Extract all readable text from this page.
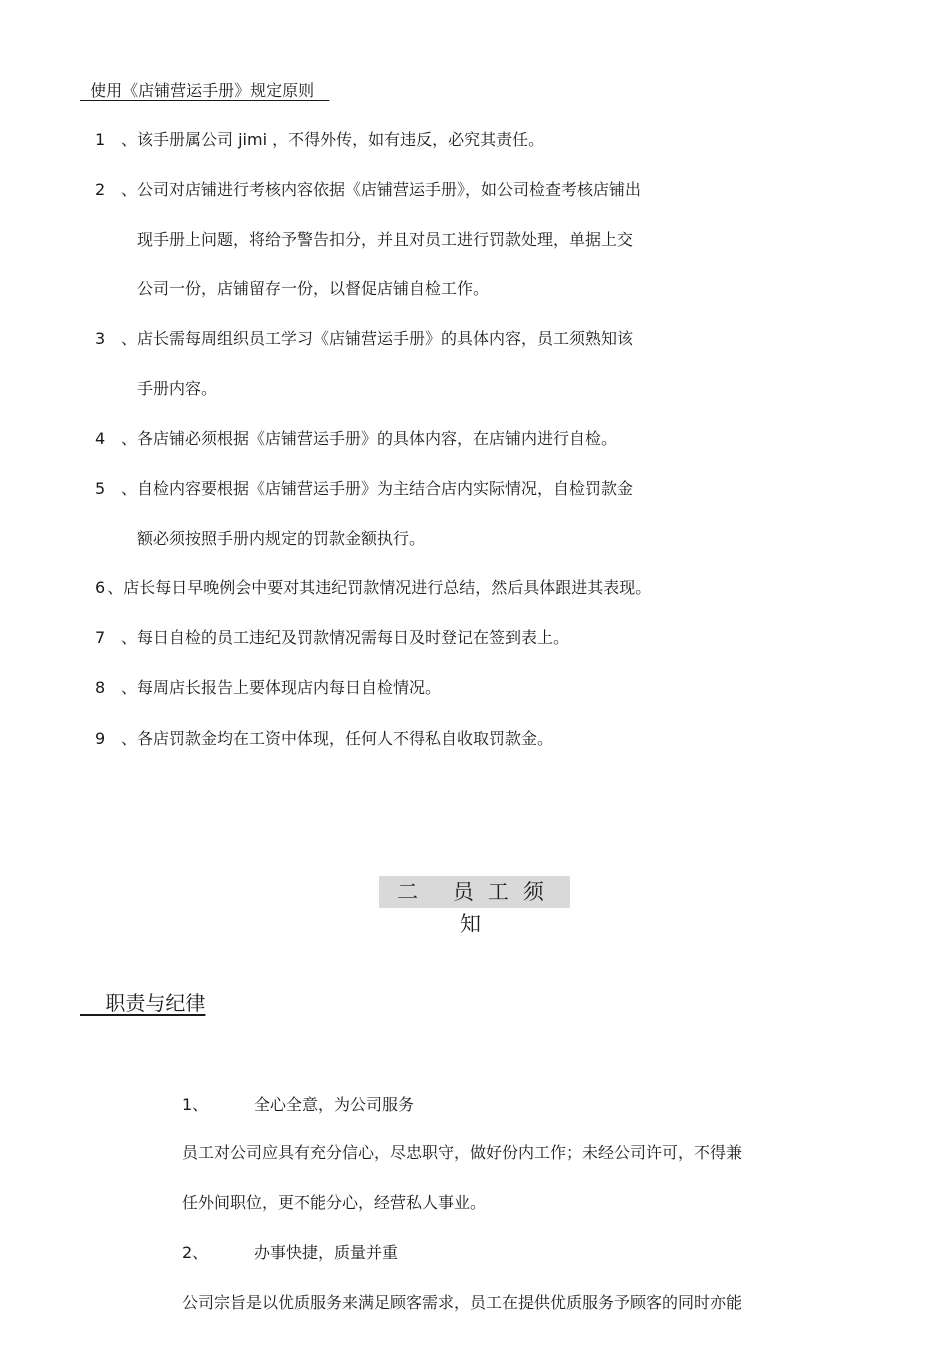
使用《店铺营运手册》规定原则
1 、该手册属公司 jimi ，不得外传，如有违反，必究其责任。
2 、公司对店铺进行考核内容依据《店铺营运手册》，如公司检查考核店铺出
现手册上问题，将给予警告扣分，并且对员工进行罚款处理，单据上交
公司一份，店铺留存一份，以督促店铺自检工作。
3 、店长需每周组织员工学习《店铺营运手册》的具体内容，员工须熟知该
手册内容。
4 、各店铺必须根据《店铺营运手册》的具体内容，在店铺内进行自检。
5 、自检内容要根据《店铺营运手册》为主结合店内实际情况，自检罚款金
额必须按照手册内规定的罚款金额执行。
6 、店长每日早晚例会中要对其违纪罚款情况进行总结，然后具体跟进其表现。
7 、每日自检的员工违纪及罚款情况需每日及时登记在签到表上。
8 、每周店长报告上要体现店内每日自检情况。
9 、各店罚款金均在工资中体现，任何人不得私自收取罚款金。
二 员工须知
职责与纪律
1、	全心全意，为公司服务
员工对公司应具有充分信心，尽忠职守，做好份内工作；未经公司许可，不得兼
任外间职位，更不能分心，经营私人事业。
2、	办事快捷，质量并重
公司宗旨是以优质服务来满足顾客需求，员工在提供优质服务予顾客的同时亦能
